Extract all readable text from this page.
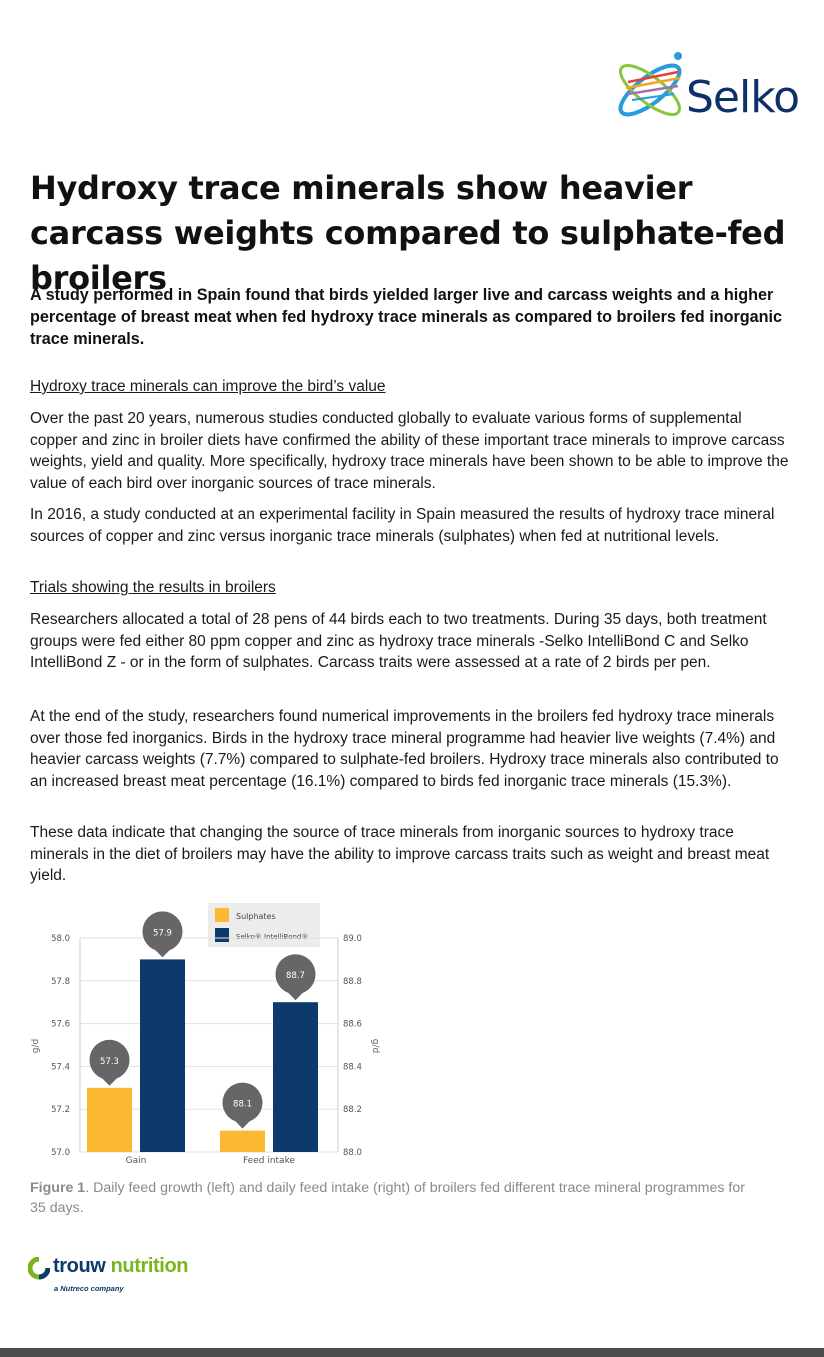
Selko
Hydroxy trace minerals show heavier carcass weights compared to sulphate-fed broilers

A study performed in Spain found that birds yielded larger live and carcass weights and a higher percentage of breast meat when fed hydroxy trace minerals as compared to broilers fed inorganic trace minerals.

Hydroxy trace minerals can improve the bird’s value

Over the past 20 years, numerous studies conducted globally to evaluate various forms of supplemental copper and zinc in broiler diets have confirmed the ability of these important trace minerals to improve carcass weights, yield and quality. More specifically, hydroxy trace minerals have been shown to be able to improve the value of each bird over inorganic sources of trace minerals.

In 2016, a study conducted at an experimental facility in Spain measured the results of hydroxy trace mineral sources of copper and zinc versus inorganic trace minerals (sulphates) when fed at nutritional levels.

Trials showing the results in broilers

Researchers allocated a total of 28 pens of 44 birds each to two treatments. During 35 days, both treatment groups were fed either 80 ppm copper and zinc as hydroxy trace minerals -Selko IntelliBond C and Selko IntelliBond Z - or in the form of sulphates. Carcass traits were assessed at a rate of 2 birds per pen.

At the end of the study, researchers found numerical improvements in the broilers fed hydroxy trace minerals over those fed inorganics. Birds in the hydroxy trace mineral programme had heavier live weights (7.4%) and heavier carcass weights (7.7%) compared to sulphate-fed broilers. Hydroxy trace minerals also contributed to an increased breast meat percentage (16.1%) compared to birds fed inorganic trace minerals (15.3%).

These data indicate that changing the source of trace minerals from inorganic sources to hydroxy trace minerals in the diet of broilers may have the ability to improve carcass traits such as weight and breast meat yield.

Sulphates
Selko® IntelliBond®
57.0
57.2
57.4
57.6
57.8
58.0
88.0
88.2
88.4
88.6
88.8
89.0
57.3
57.9
88.1
88.7
Gain	Feed intake
g/d	g/d

Figure 1. Daily feed growth (left) and daily feed intake (right) of broilers fed different trace mineral programmes for 35 days.

trouw nutrition
a Nutreco company
